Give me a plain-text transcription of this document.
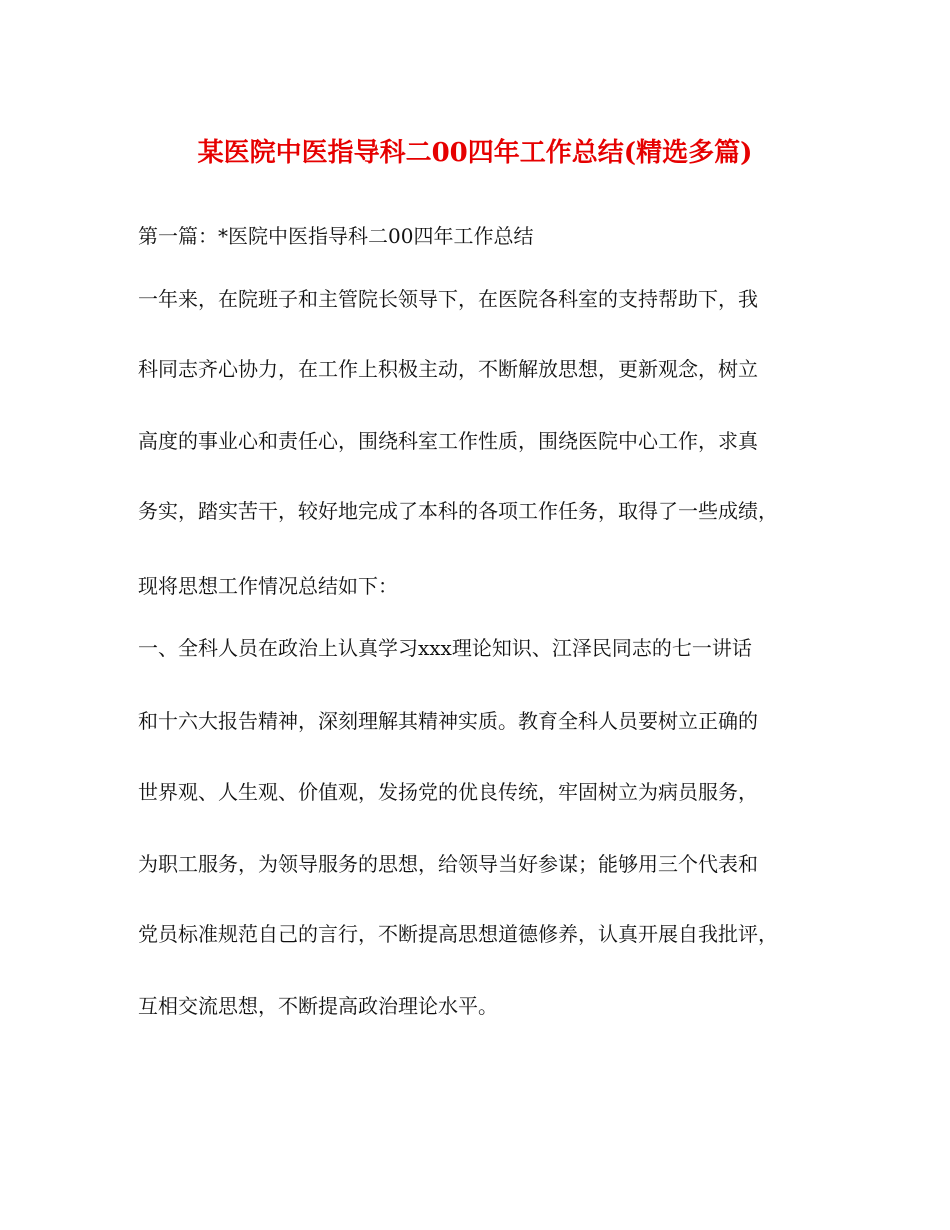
某医院中医指导科二00四年工作总结(精选多篇)
第一篇：*医院中医指导科二00四年工作总结
一年来，在院班子和主管院长领导下，在医院各科室的支持帮助下，我
科同志齐心协力，在工作上积极主动，不断解放思想，更新观念，树立
高度的事业心和责任心，围绕科室工作性质，围绕医院中心工作，求真
务实，踏实苦干，较好地完成了本科的各项工作任务，取得了一些成绩，
现将思想工作情况总结如下：
一、全科人员在政治上认真学习xxx理论知识、江泽民同志的七一讲话
和十六大报告精神，深刻理解其精神实质。教育全科人员要树立正确的
世界观、人生观、价值观，发扬党的优良传统，牢固树立为病员服务，
为职工服务，为领导服务的思想，给领导当好参谋；能够用三个代表和
党员标准规范自己的言行，不断提高思想道德修养，认真开展自我批评，
互相交流思想，不断提高政治理论水平。
